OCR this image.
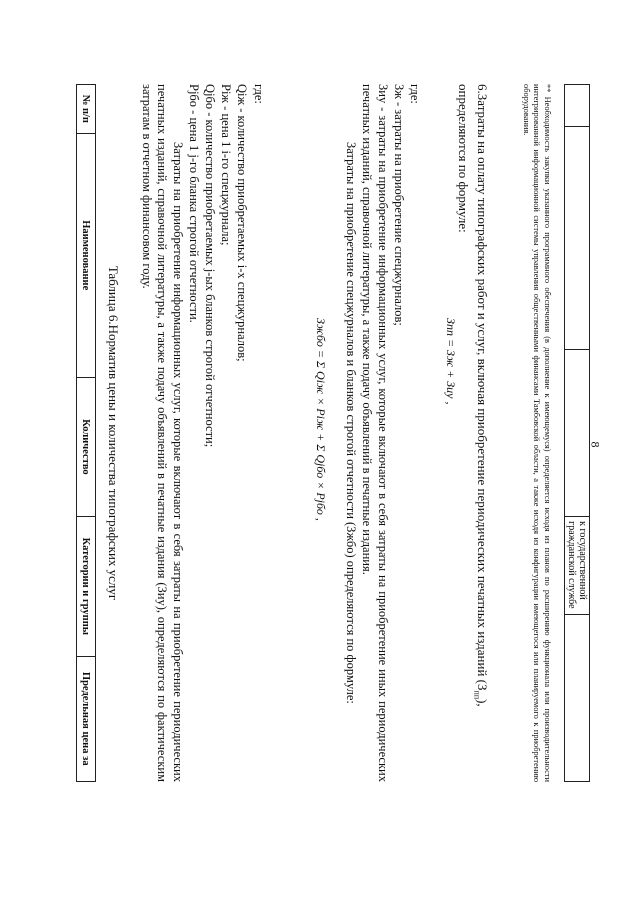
8
			к государственной гражданской службе	
** Необходимость закупки указанного программного обеспечения (в дополнение к имеющемуся) определяется исходя из планов по расширению функционала или производительности интегрированной информационной системы управления общественными финансами Тамбовской области, а также исходя из конфигурации имеющегося или планируемого к приобретению оборудования.
6.Затраты на оплату типографских работ и услуг, включая приобретение периодических печатных изданий $(З_{пп})$, определяются по формуле:
Зпп = Зж + Зиу ,
где:
Зж - затраты на приобретение спецжурналов;
Зиу - затраты на приобретение информационных услуг, которые включают в себя затраты на приобретение иных периодических печатных изданий, справочной литературы, а также подачу объявлений в печатные издания.
Затраты на приобретение спецжурналов и бланков строгой отчетности (Зжбо) определяются по формуле:
Зжбо = Σ Qiж × Piж + Σ Qjбо × Pjбо ,
где:
Qiж - количество приобретаемых i-х спецжурналов;
Piж - цена 1 i-го спецжурнала;
Qjбо - количество приобретаемых j-ых бланков строгой отчетности;
Pjбо - цена 1 j-го бланка строгой отчетности.
Затраты на приобретение информационных услуг, которые включают в себя затраты на приобретение периодических печатных изданий, справочной литературы, а также подачу объявлений в печатные издания (Зиу), определяются по фактическим затратам в отчетном финансовом году.
Таблица 6.Норматив цены и количества типографских услуг
№ п/п	Наименование	Количество	Категории и группы	Предельная цена за
